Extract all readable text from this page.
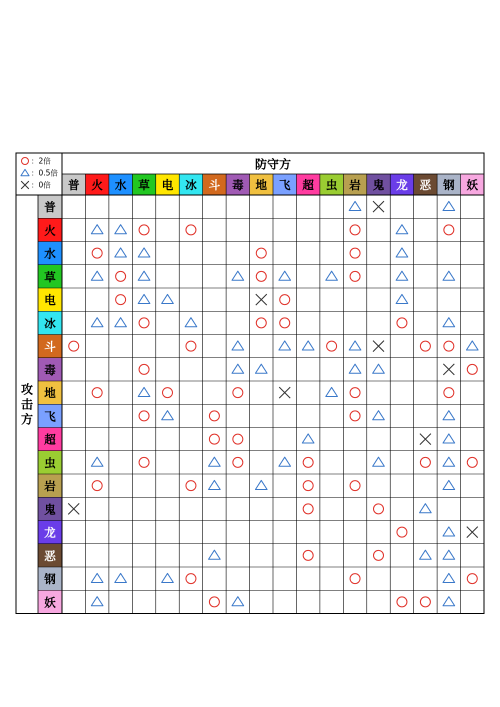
普 火 水 草 电 冰 斗 毒 地 飞 超 虫 岩 鬼 龙 恶 钢 妖
普
火
水
草
电
冰
斗
毒
地
飞
超
虫
岩
鬼
龙
恶
钢
妖
防守方
攻
击
方
：2倍
：0.5倍
：0倍
